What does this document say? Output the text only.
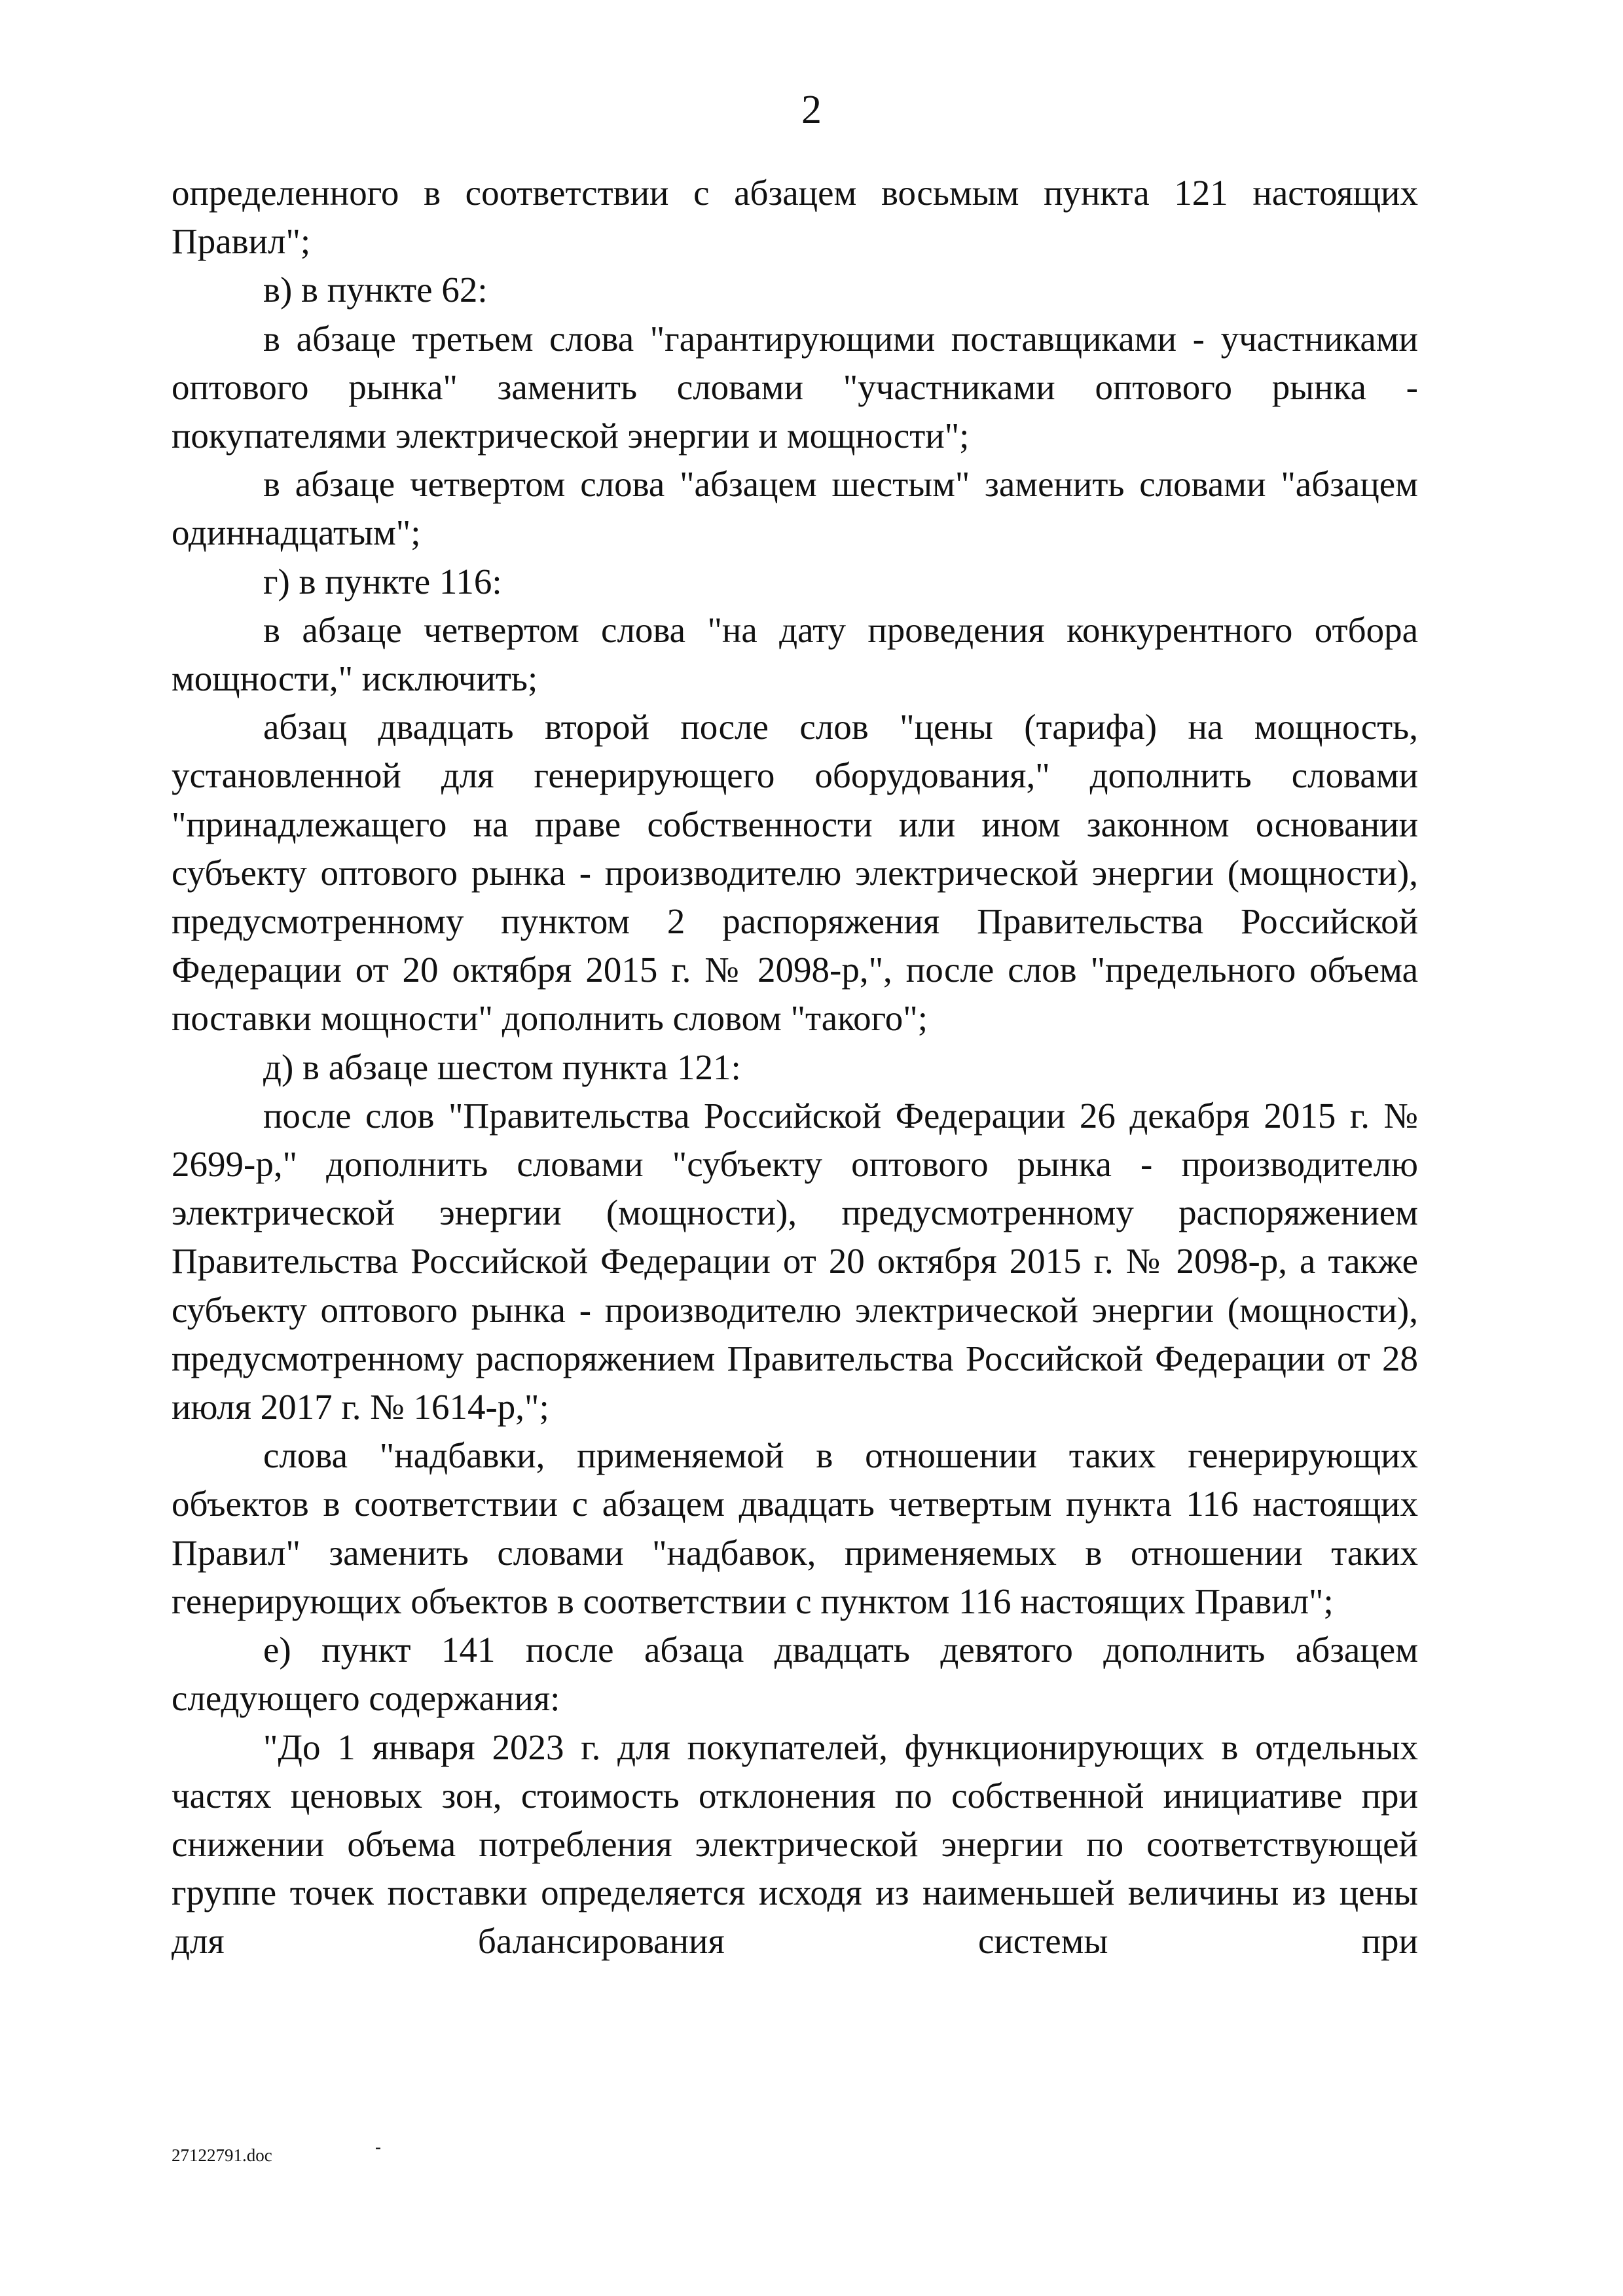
2

определенного в соответствии с абзацем восьмым пункта 121 настоящих Правил";

в) в пункте 62:

в абзаце третьем слова "гарантирующими поставщиками - участниками оптового рынка" заменить словами "участниками оптового рынка - покупателями электрической энергии и мощности";

в абзаце четвертом слова "абзацем шестым" заменить словами "абзацем одиннадцатым";

г) в пункте 116:

в абзаце четвертом слова "на дату проведения конкурентного отбора мощности," исключить;

абзац двадцать второй после слов "цены (тарифа) на мощность, установленной для генерирующего оборудования," дополнить словами "принадлежащего на праве собственности или ином законном основании субъекту оптового рынка - производителю электрической энергии (мощности), предусмотренному пунктом 2 распоряжения Правительства Российской Федерации от 20 октября 2015 г. № 2098-р,", после слов "предельного объема поставки мощности" дополнить словом "такого";

д) в абзаце шестом пункта 121:

после слов "Правительства Российской Федерации 26 декабря 2015 г. № 2699-р," дополнить словами "субъекту оптового рынка - производителю электрической энергии (мощности), предусмотренному распоряжением Правительства Российской Федерации от 20 октября 2015 г. № 2098-р, а также субъекту оптового рынка - производителю электрической энергии (мощности), предусмотренному распоряжением Правительства Российской Федерации от 28 июля 2017 г. № 1614-р,";

слова "надбавки, применяемой в отношении таких генерирующих объектов в соответствии с абзацем двадцать четвертым пункта 116 настоящих Правил" заменить словами "надбавок, применяемых в отношении таких генерирующих объектов в соответствии с пунктом 116 настоящих Правил";

е) пункт 141 после абзаца двадцать девятого дополнить абзацем следующего содержания:

"До 1 января 2023 г. для покупателей, функционирующих в отдельных частях ценовых зон, стоимость отклонения по собственной инициативе при снижении объема потребления электрической энергии по соответствующей группе точек поставки определяется исходя из наименьшей величины из цены для балансирования системы при

27122791.doc	-
